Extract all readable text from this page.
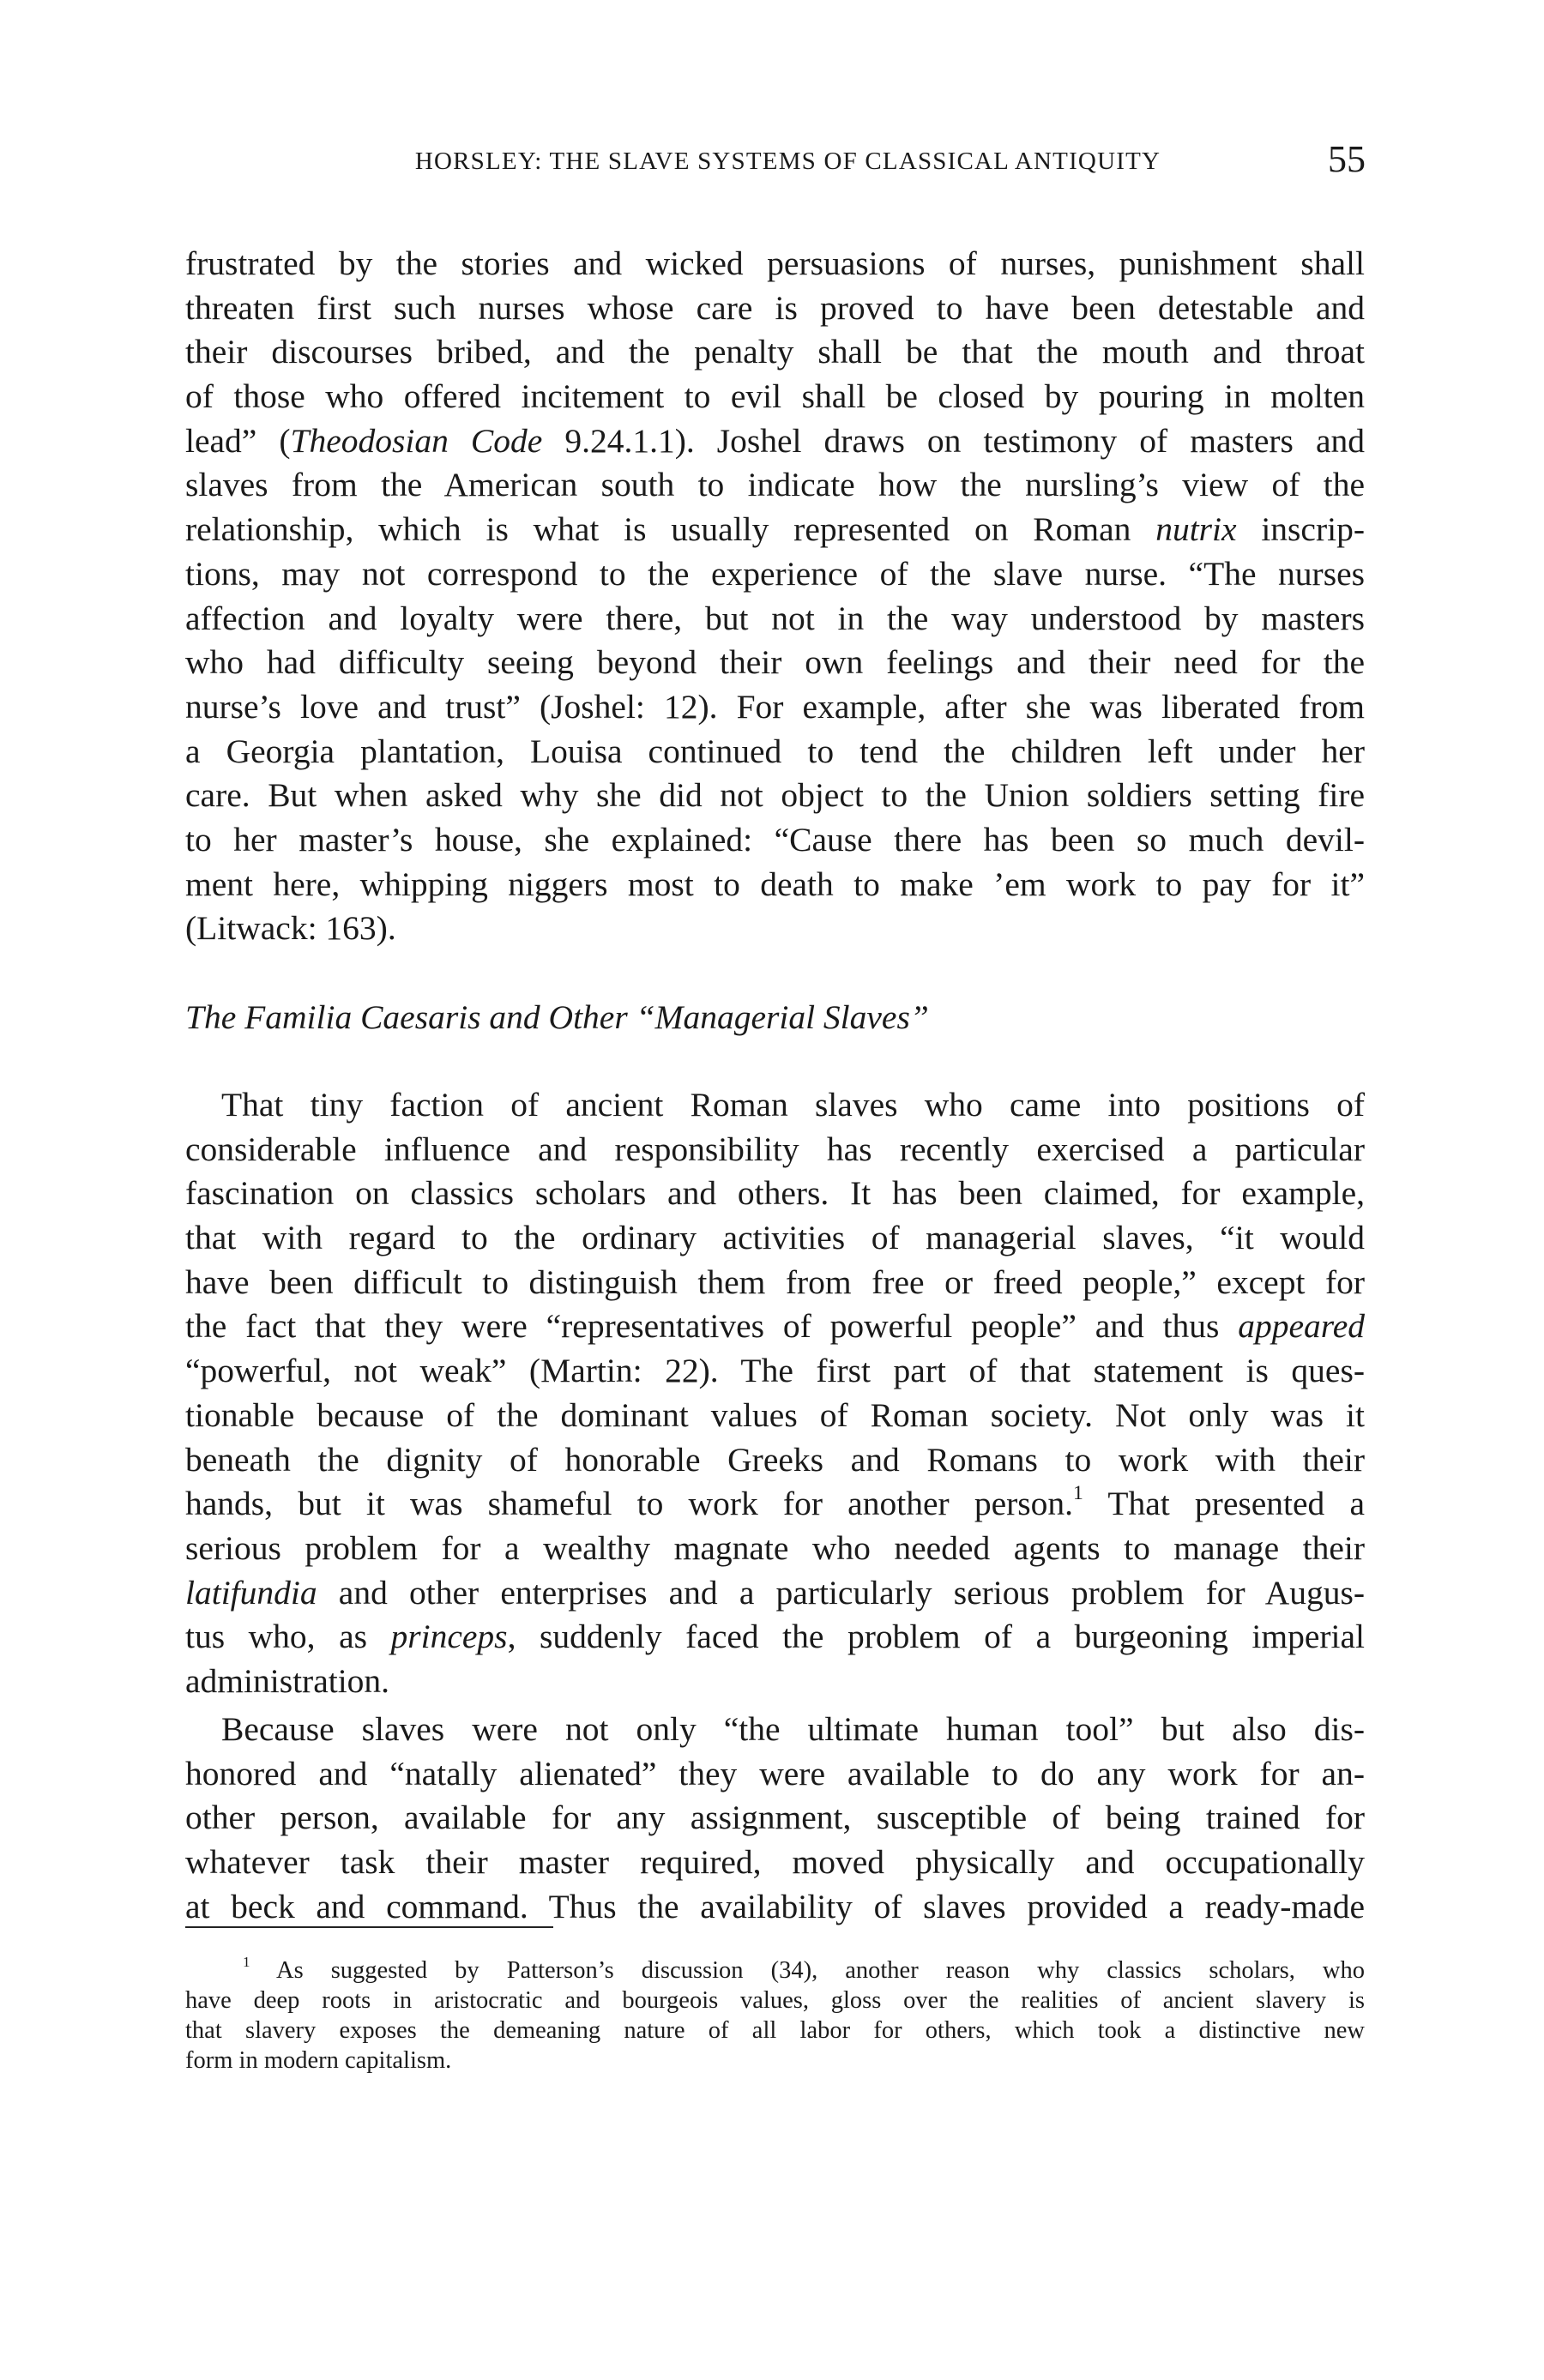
HORSLEY: THE SLAVE SYSTEMS OF CLASSICAL ANTIQUITY	55
frustrated by the stories and wicked persuasions of nurses, punishment shall
threaten first such nurses whose care is proved to have been detestable and
their discourses bribed, and the penalty shall be that the mouth and throat
of those who offered incitement to evil shall be closed by pouring in molten
lead” (Theodosian Code 9.24.1.1). Joshel draws on testimony of masters and
slaves from the American south to indicate how the nursling’s view of the
relationship, which is what is usually represented on Roman nutrix inscrip-
tions, may not correspond to the experience of the slave nurse. “The nurses
affection and loyalty were there, but not in the way understood by masters
who had difficulty seeing beyond their own feelings and their need for the
nurse’s love and trust” (Joshel: 12). For example, after she was liberated from
a Georgia plantation, Louisa continued to tend the children left under her
care. But when asked why she did not object to the Union soldiers setting fire
to her master’s house, she explained: “Cause there has been so much devil-
ment here, whipping niggers most to death to make ’em work to pay for it”
(Litwack: 163).
The Familia Caesaris and Other “Managerial Slaves”
That tiny faction of ancient Roman slaves who came into positions of
considerable influence and responsibility has recently exercised a particular
fascination on classics scholars and others. It has been claimed, for example,
that with regard to the ordinary activities of managerial slaves, “it would
have been difficult to distinguish them from free or freed people,” except for
the fact that they were “representatives of powerful people” and thus appeared
“powerful, not weak” (Martin: 22). The first part of that statement is ques-
tionable because of the dominant values of Roman society. Not only was it
beneath the dignity of honorable Greeks and Romans to work with their
hands, but it was shameful to work for another person.$^1$ That presented a
serious problem for a wealthy magnate who needed agents to manage their
latifundia and other enterprises and a particularly serious problem for Augus-
tus who, as princeps, suddenly faced the problem of a burgeoning imperial
administration.
Because slaves were not only “the ultimate human tool” but also dis-
honored and “natally alienated” they were available to do any work for an-
other person, available for any assignment, susceptible of being trained for
whatever task their master required, moved physically and occupationally
at beck and command. Thus the availability of slaves provided a ready-made
$^1$ As suggested by Patterson’s discussion (34), another reason why classics scholars, who
have deep roots in aristocratic and bourgeois values, gloss over the realities of ancient slavery is
that slavery exposes the demeaning nature of all labor for others, which took a distinctive new
form in modern capitalism.
